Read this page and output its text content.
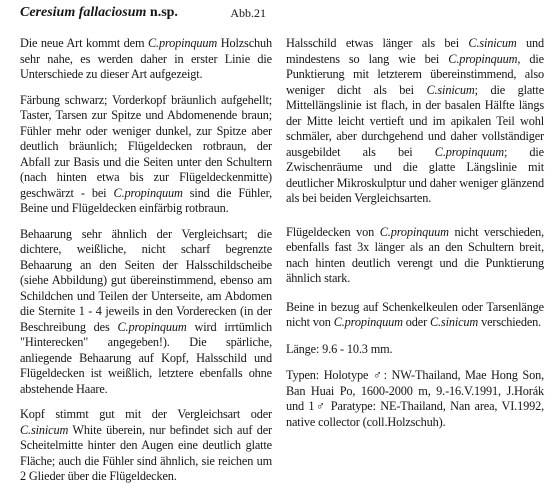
Ceresium fallaciosum n.sp.	Abb.21

Die neue Art kommt dem C.propinquum Holzschuh sehr nahe, es werden daher in erster Linie die Unterschiede zu dieser Art aufgezeigt.

Färbung schwarz; Vorderkopf bräunlich aufgehellt; Taster, Tarsen zur Spitze und Abdomenende braun; Fühler mehr oder weniger dunkel, zur Spitze aber deutlich bräunlich; Flügeldecken rotbraun, der Abfall zur Basis und die Seiten unter den Schultern (nach hinten etwa bis zur Flügeldeckenmitte) geschwärzt - bei C.propinquum sind die Fühler, Beine und Flügeldecken einfärbig rotbraun.

Behaarung sehr ähnlich der Vergleichsart; die dichtere, weißliche, nicht scharf begrenzte Behaarung an den Seiten der Halsschildscheibe (siehe Abbildung) gut übereinstimmend, ebenso am Schildchen und Teilen der Unterseite, am Abdomen die Sternite 1 - 4 jeweils in den Vorderecken (in der Beschreibung des C.propinquum wird irrtümlich "Hinterecken" angegeben!). Die spärliche, anliegende Behaarung auf Kopf, Halsschild und Flügeldecken ist weißlich, letztere ebenfalls ohne abstehende Haare.

Kopf stimmt gut mit der Vergleichsart oder C.sinicum White überein, nur befindet sich auf der Scheitelmitte hinter den Augen eine deutlich glatte Fläche; auch die Fühler sind ähnlich, sie reichen um 2 Glieder über die Flügeldecken.

Halsschild etwas länger als bei C.sinicum und mindestens so lang wie bei C.propinquum, die Punktierung mit letzterem übereinstimmend, also weniger dicht als bei C.sinicum; die glatte Mittellängslinie ist flach, in der basalen Hälfte längs der Mitte leicht vertieft und im apikalen Teil wohl schmäler, aber durchgehend und daher vollständiger ausgebildet als bei C.propinquum; die Zwischenräume und die glatte Längslinie mit deutlicher Mikroskulptur und daher weniger glänzend als bei beiden Vergleichsarten.

Flügeldecken von C.propinquum nicht verschieden, ebenfalls fast 3x länger als an den Schultern breit, nach hinten deutlich verengt und die Punktierung ähnlich stark.

Beine in bezug auf Schenkelkeulen oder Tarsenlänge nicht von C.propinquum oder C.sinicum verschieden.

Länge: 9.6 - 10.3 mm.

Typen: Holotype ♂: NW-Thailand, Mae Hong Son, Ban Huai Po, 1600-2000 m, 9.-16.V.1991, J.Horák und 1♂ Paratype: NE-Thailand, Nan area, VI.1992, native collector (coll.Holzschuh).
